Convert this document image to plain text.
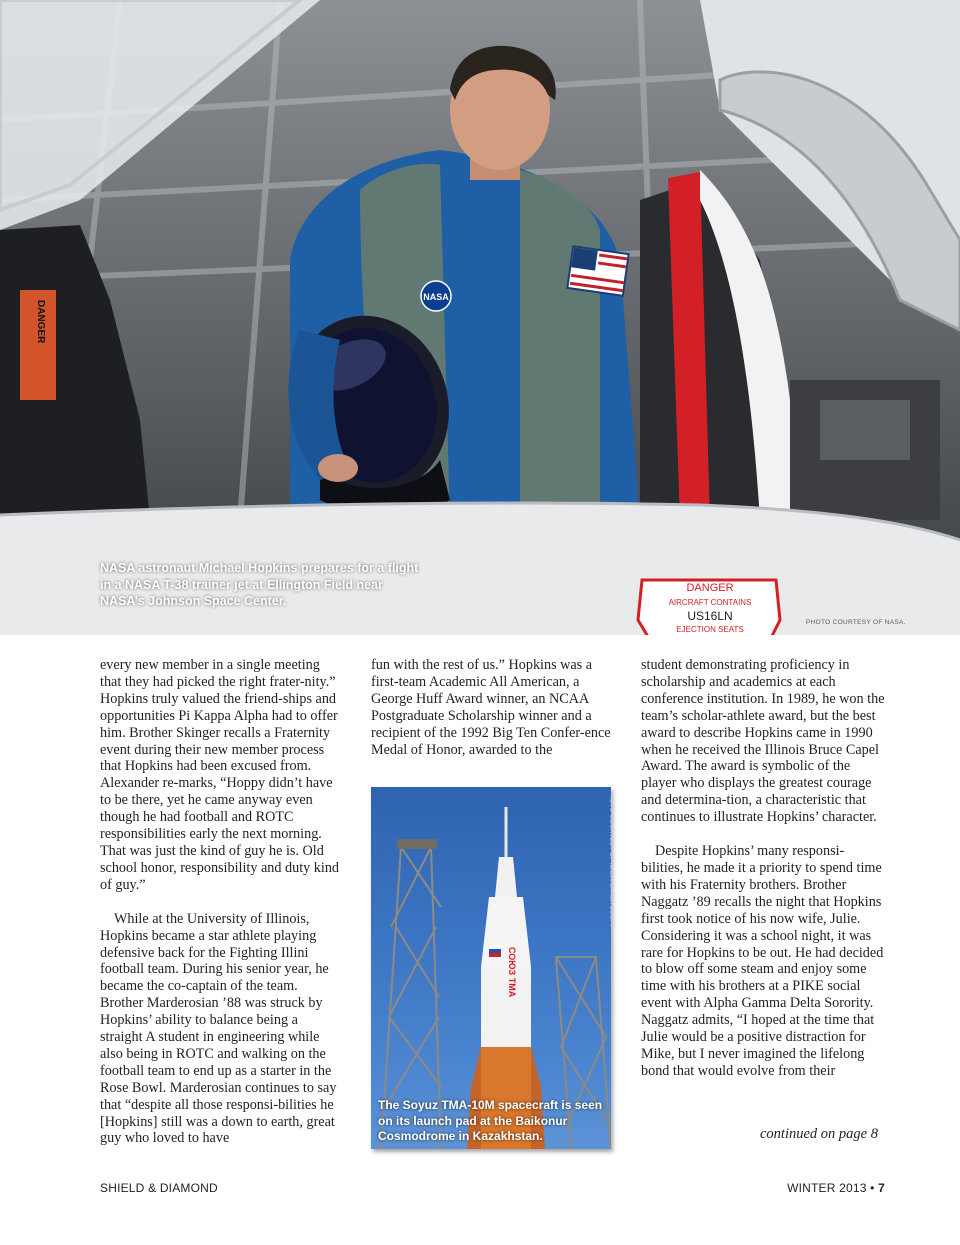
DANGER
NASA
DANGER
AIRCRAFT CONTAINS
US16LN
EJECTION SEATS
NASA astronaut Michael Hopkins prepares for a flight in a NASA T-38 trainer jet at Ellington Field near NASA’s Johnson Space Center.
PHOTO COURTESY OF NASA.

every new member in a single meeting that they had picked the right frater-nity.” Hopkins truly valued the friend-ships and opportunities Pi Kappa Alpha had to offer him. Brother Skinger recalls a Fraternity event during their new member process that Hopkins had been excused from. Alexander re-marks, “Hoppy didn’t have to be there, yet he came anyway even though he had football and ROTC responsibilities early the next morning. That was just the kind of guy he is. Old school honor, responsibility and duty kind of guy.”

While at the University of Illinois, Hopkins became a star athlete playing defensive back for the Fighting Illini football team. During his senior year, he became the co-captain of the team. Brother Marderosian ’88 was struck by Hopkins’ ability to balance being a straight A student in engineering while also being in ROTC and walking on the football team to end up as a starter in the Rose Bowl. Marderosian continues to say that “despite all those responsi-bilities he [Hopkins] still was a down to earth, great guy who loved to have

fun with the rest of us.” Hopkins was a first-team Academic All American, a George Huff Award winner, an NCAA Postgraduate Scholarship winner and a recipient of the 1992 Big Ten Confer-ence Medal of Honor, awarded to the

СОЮЗ ТМА
The Soyuz TMA-10M spacecraft is seen on its launch pad at the Baikonur Cosmodrome in Kazakhstan.
PHOTO COURTESY OF NASA/CARLA COOPI

student demonstrating proficiency in scholarship and academics at each conference institution. In 1989, he won the team’s scholar-athlete award, but the best award to describe Hopkins came in 1990 when he received the Illinois Bruce Capel Award. The award is symbolic of the player who displays the greatest courage and determina-tion, a characteristic that continues to illustrate Hopkins’ character.

Despite Hopkins’ many responsi-bilities, he made it a priority to spend time with his Fraternity brothers. Brother Naggatz ’89 recalls the night that Hopkins first took notice of his now wife, Julie. Considering it was a school night, it was rare for Hopkins to be out. He had decided to blow off some steam and enjoy some time with his brothers at a PIKE social event with Alpha Gamma Delta Sorority. Naggatz admits, “I hoped at the time that Julie would be a positive distraction for Mike, but I never imagined the lifelong bond that would evolve from their

continued on page 8
SHIELD & DIAMOND	WINTER 2013 • 7
